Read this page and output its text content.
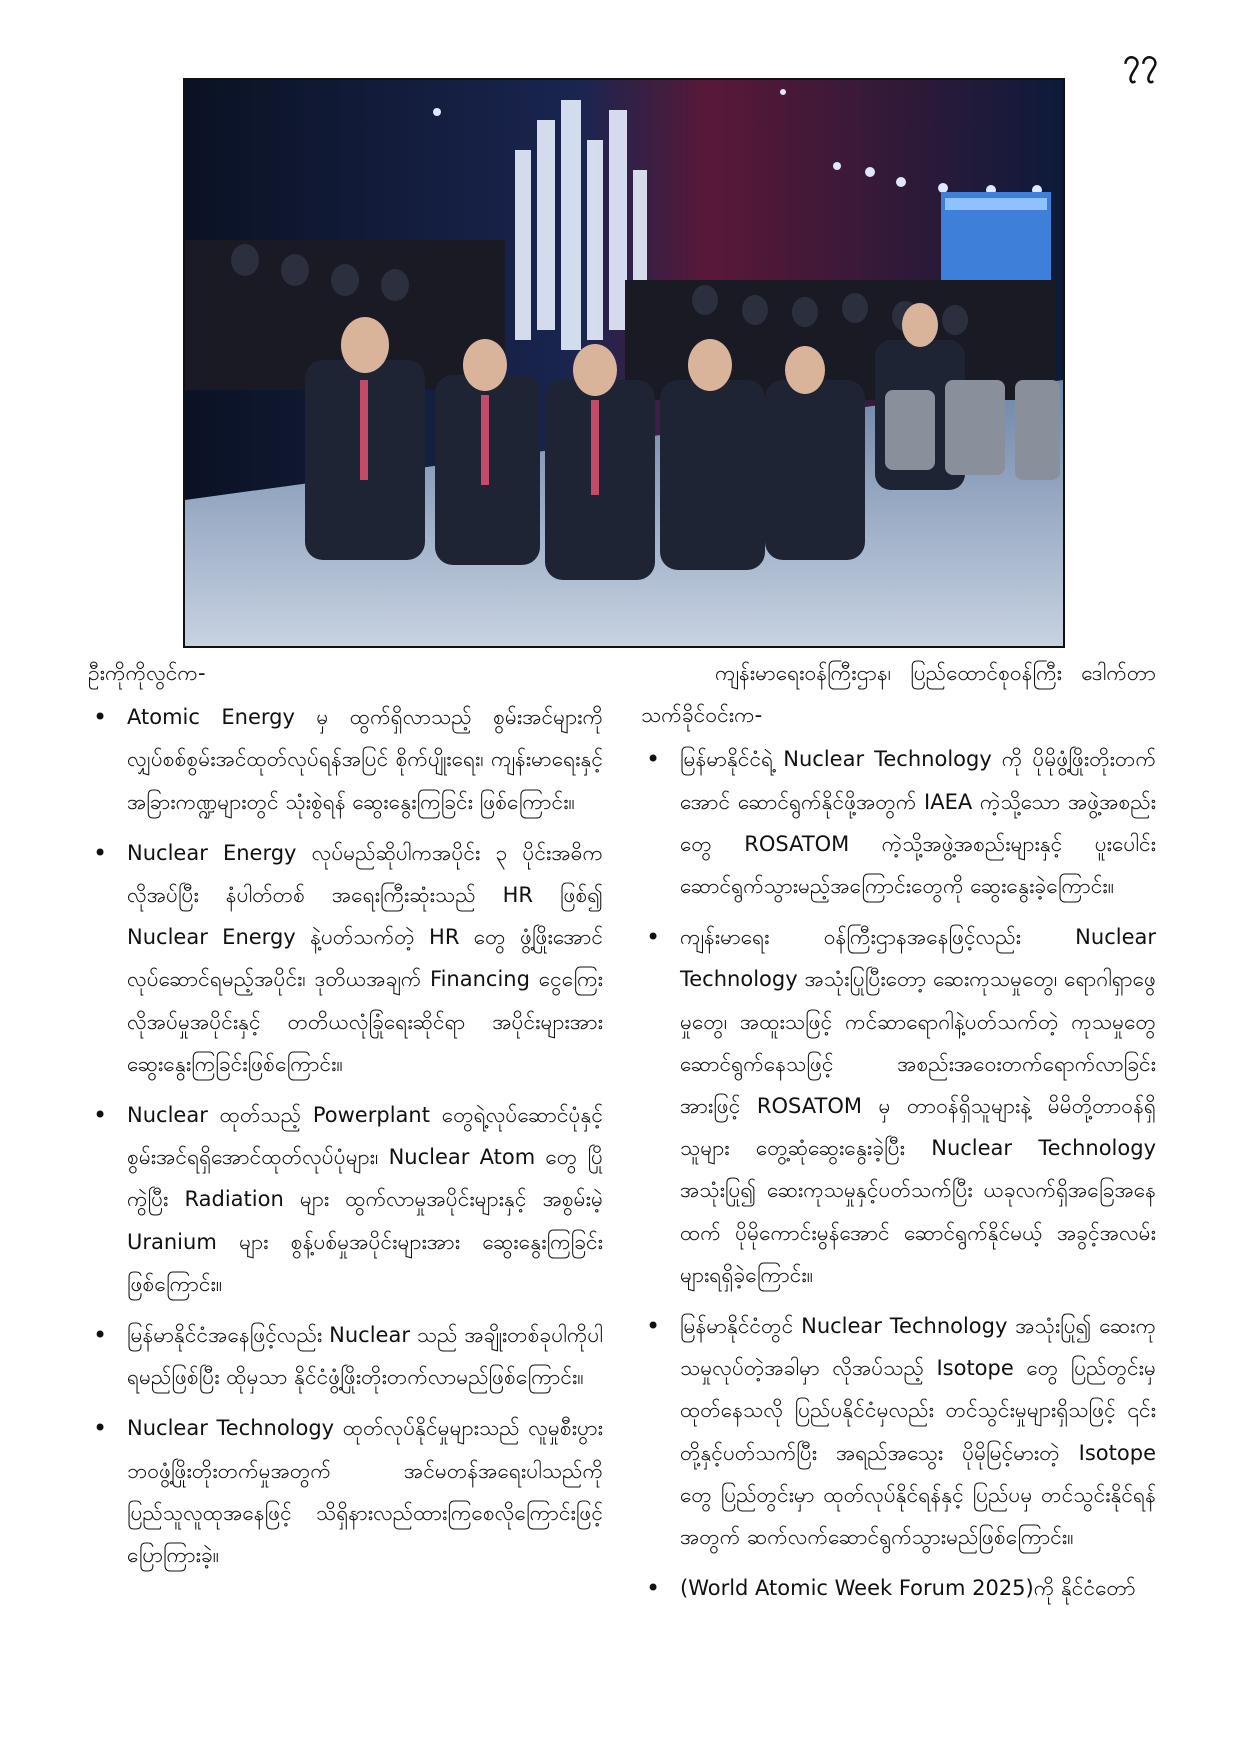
၇၇

ဦးကိုကိုလွင်က-

• Atomic Energy မှ ထွက်ရှိလာသည့် စွမ်းအင်များကို လျှပ်စစ်စွမ်းအင်ထုတ်လုပ်ရန်အပြင် စိုက်ပျိုးရေး၊ ကျန်းမာရေးနှင့် အခြားကဏ္ဍများတွင် သုံးစွဲရန် ဆွေးနွေးကြခြင်း ဖြစ်ကြောင်း။
• Nuclear Energy လုပ်မည်ဆိုပါကအပိုင်း ၃ ပိုင်းအဓိကလိုအပ်ပြီး နံပါတ်တစ် အရေးကြီးဆုံးသည် HR ဖြစ်၍ Nuclear Energy နဲ့ပတ်သက်တဲ့ HR တွေ ဖွံ့ဖြိုးအောင် လုပ်ဆောင်ရမည့်အပိုင်း၊ ဒုတိယအချက် Financing ငွေကြေးလိုအပ်မှုအပိုင်းနှင့် တတိယလုံခြုံရေးဆိုင်ရာ အပိုင်းများအား ဆွေးနွေးကြခြင်းဖြစ်ကြောင်း။
• Nuclear ထုတ်သည့် Powerplant တွေရဲ့လုပ်ဆောင်ပုံနှင့် စွမ်းအင်ရရှိအောင်ထုတ်လုပ်ပုံများ၊ Nuclear Atom တွေ ပြိုကွဲပြီး Radiation များ ထွက်လာမှုအပိုင်းများနှင့် အစွမ်းမဲ့ Uranium များ စွန့်ပစ်မှုအပိုင်းများအား ဆွေးနွေးကြခြင်းဖြစ်ကြောင်း။
• မြန်မာနိုင်ငံအနေဖြင့်လည်း Nuclear သည် အချိုးတစ်ခုပါကိုပါရမည်ဖြစ်ပြီး ထိုမှသာ နိုင်ငံဖွံ့ဖြိုးတိုးတက်လာမည်ဖြစ်ကြောင်း။
• Nuclear Technology ထုတ်လုပ်နိုင်မှုများသည် လူမှုစီးပွားဘဝဖွံ့ဖြိုးတိုးတက်မှုအတွက် အင်မတန်အရေးပါသည်ကို ပြည်သူလူထုအနေဖြင့် သိရှိနားလည်ထားကြစေလိုကြောင်းဖြင့် ပြောကြားခဲ့။

ကျန်းမာရေးဝန်ကြီးဌာန၊ ပြည်ထောင်စုဝန်ကြီး ဒေါက်တာသက်ခိုင်ဝင်းက-

• မြန်မာနိုင်ငံရဲ့ Nuclear Technology ကို ပိုမိုဖွံ့ဖြိုးတိုးတက်အောင် ဆောင်ရွက်နိုင်ဖို့အတွက် IAEA ကဲ့သို့သော အဖွဲ့အစည်းတွေ ROSATOM ကဲ့သို့အဖွဲ့အစည်းများနှင့် ပူးပေါင်းဆောင်ရွက်သွားမည့်အကြောင်းတွေကို ဆွေးနွေးခဲ့ကြောင်း။
• ကျန်းမာရေး ဝန်ကြီးဌာနအနေဖြင့်လည်း Nuclear Technology အသုံးပြုပြီးတော့ ဆေးကုသမှုတွေ၊ ရောဂါရှာဖွေမှုတွေ၊ အထူးသဖြင့် ကင်ဆာရောဂါနဲ့ပတ်သက်တဲ့ ကုသမှုတွေ ဆောင်ရွက်နေသဖြင့် အစည်းအဝေးတက်ရောက်လာခြင်းအားဖြင့် ROSATOM မှ တာဝန်ရှိသူများနဲ့ မိမိတို့တာဝန်ရှိသူများ တွေ့ဆုံဆွေးနွေးခဲ့ပြီး Nuclear Technology အသုံးပြု၍ ဆေးကုသမှုနှင့်ပတ်သက်ပြီး ယခုလက်ရှိအခြေအနေထက် ပိုမိုကောင်းမွန်အောင် ဆောင်ရွက်နိုင်မယ့် အခွင့်အလမ်းများရရှိခဲ့ကြောင်း။
• မြန်မာနိုင်ငံတွင် Nuclear Technology အသုံးပြု၍ ဆေးကုသမှုလုပ်တဲ့အခါမှာ လိုအပ်သည့် Isotope တွေ ပြည်တွင်းမှထုတ်နေသလို ပြည်ပနိုင်ငံမှလည်း တင်သွင်းမှုများရှိသဖြင့် ၎င်းတို့နှင့်ပတ်သက်ပြီး အရည်အသွေး ပိုမိုမြင့်မားတဲ့ Isotope တွေ ပြည်တွင်းမှာ ထုတ်လုပ်နိုင်ရန်နှင့် ပြည်ပမှ တင်သွင်းနိုင်ရန်အတွက် ဆက်လက်ဆောင်ရွက်သွားမည်ဖြစ်ကြောင်း။
• (World Atomic Week Forum 2025)ကို နိုင်ငံတော်
